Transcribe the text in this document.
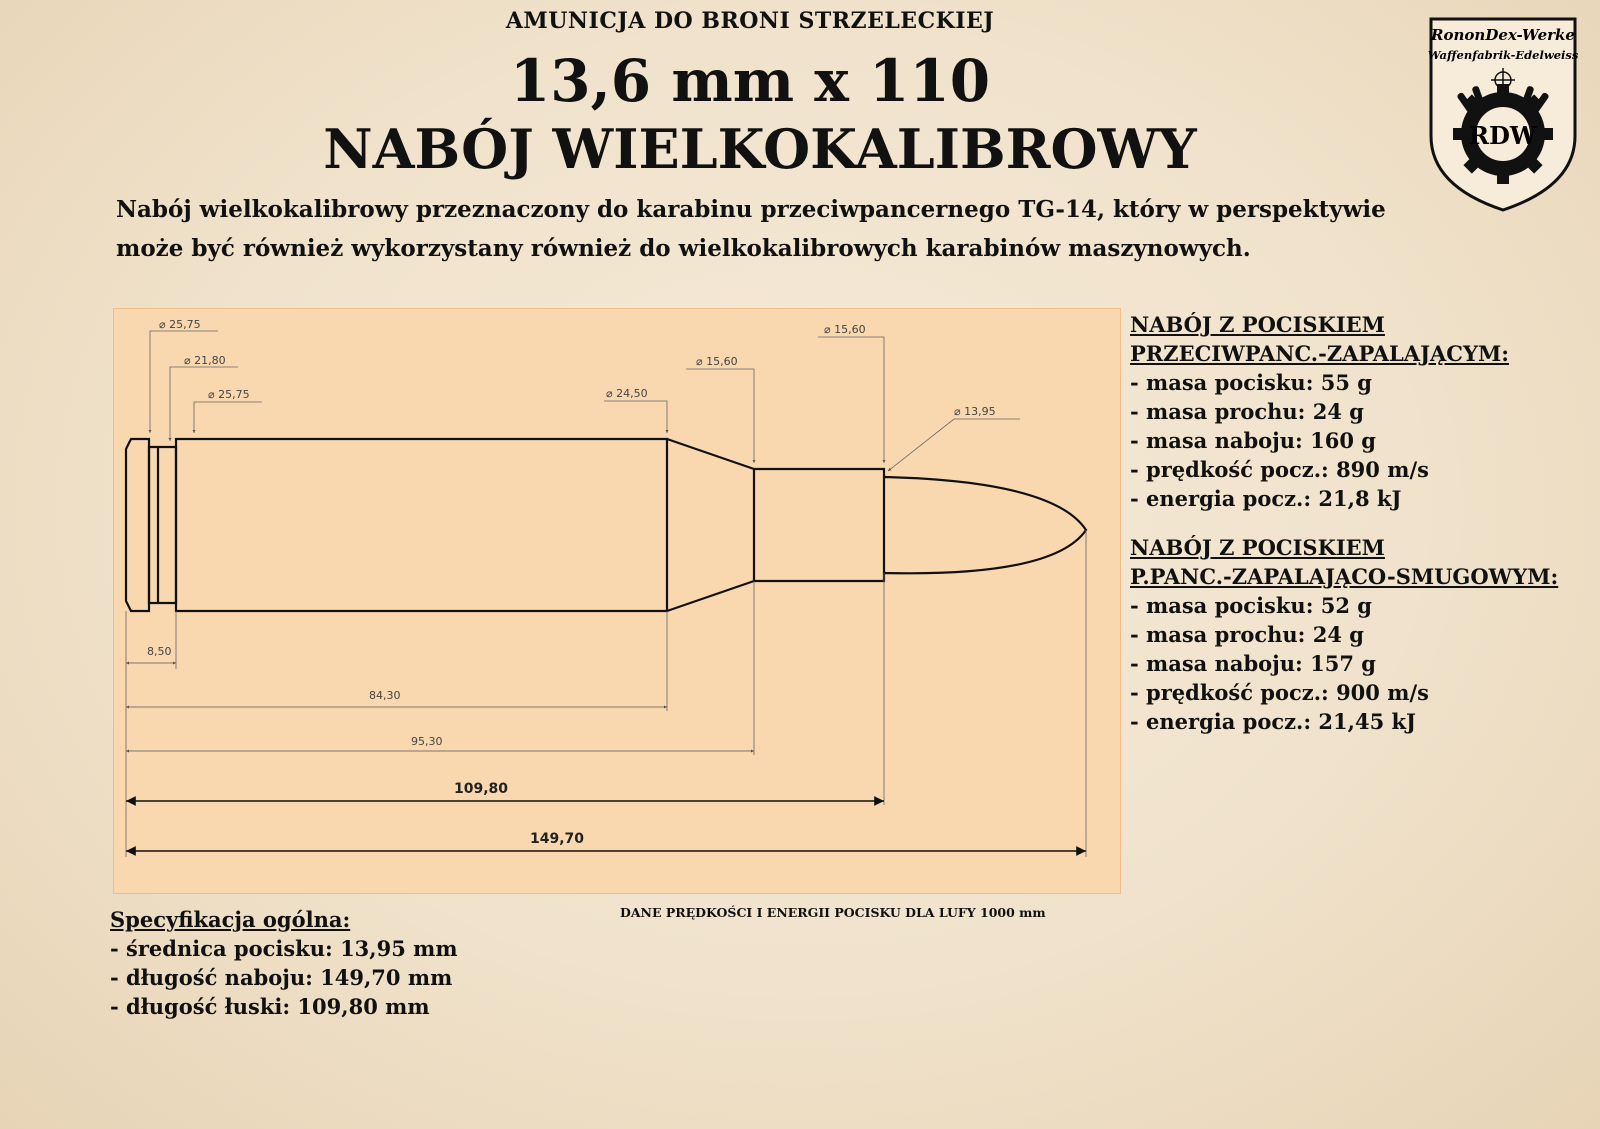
AMUNICJA DO BRONI STRZELECKIEJ
13,6 mm x 110
NABÓJ WIELKOKALIBROWY
RononDex-Werke
Waffenfabrik-Edelweiss
RDW
Nabój wielkokalibrowy przeznaczony do karabinu przeciwpancernego TG-14, który w perspektywie może być również wykorzystany również do wielkokalibrowych karabinów maszynowych.
⌀ 25,75
⌀ 21,80
⌀ 25,75	⌀ 24,50
⌀ 15,60
⌀ 15,60
⌀ 13,95
8,50
84,30
95,30
109,80
149,70
NABÓJ Z POCISKIEM
PRZECIWPANC.-ZAPALAJĄCYM:
- masa pocisku: 55 g
- masa prochu: 24 g
- masa naboju: 160 g
- prędkość pocz.: 890 m/s
- energia pocz.: 21,8 kJ
NABÓJ Z POCISKIEM
P.PANC.-ZAPALAJĄCO-SMUGOWYM:
- masa pocisku: 52 g
- masa prochu: 24 g
- masa naboju: 157 g
- prędkość pocz.: 900 m/s
- energia pocz.: 21,45 kJ
Specyfikacja ogólna:
- średnica pocisku: 13,95 mm
- długość naboju: 149,70 mm
- długość łuski: 109,80 mm
DANE PRĘDKOŚCI I ENERGII POCISKU DLA LUFY 1000 mm
